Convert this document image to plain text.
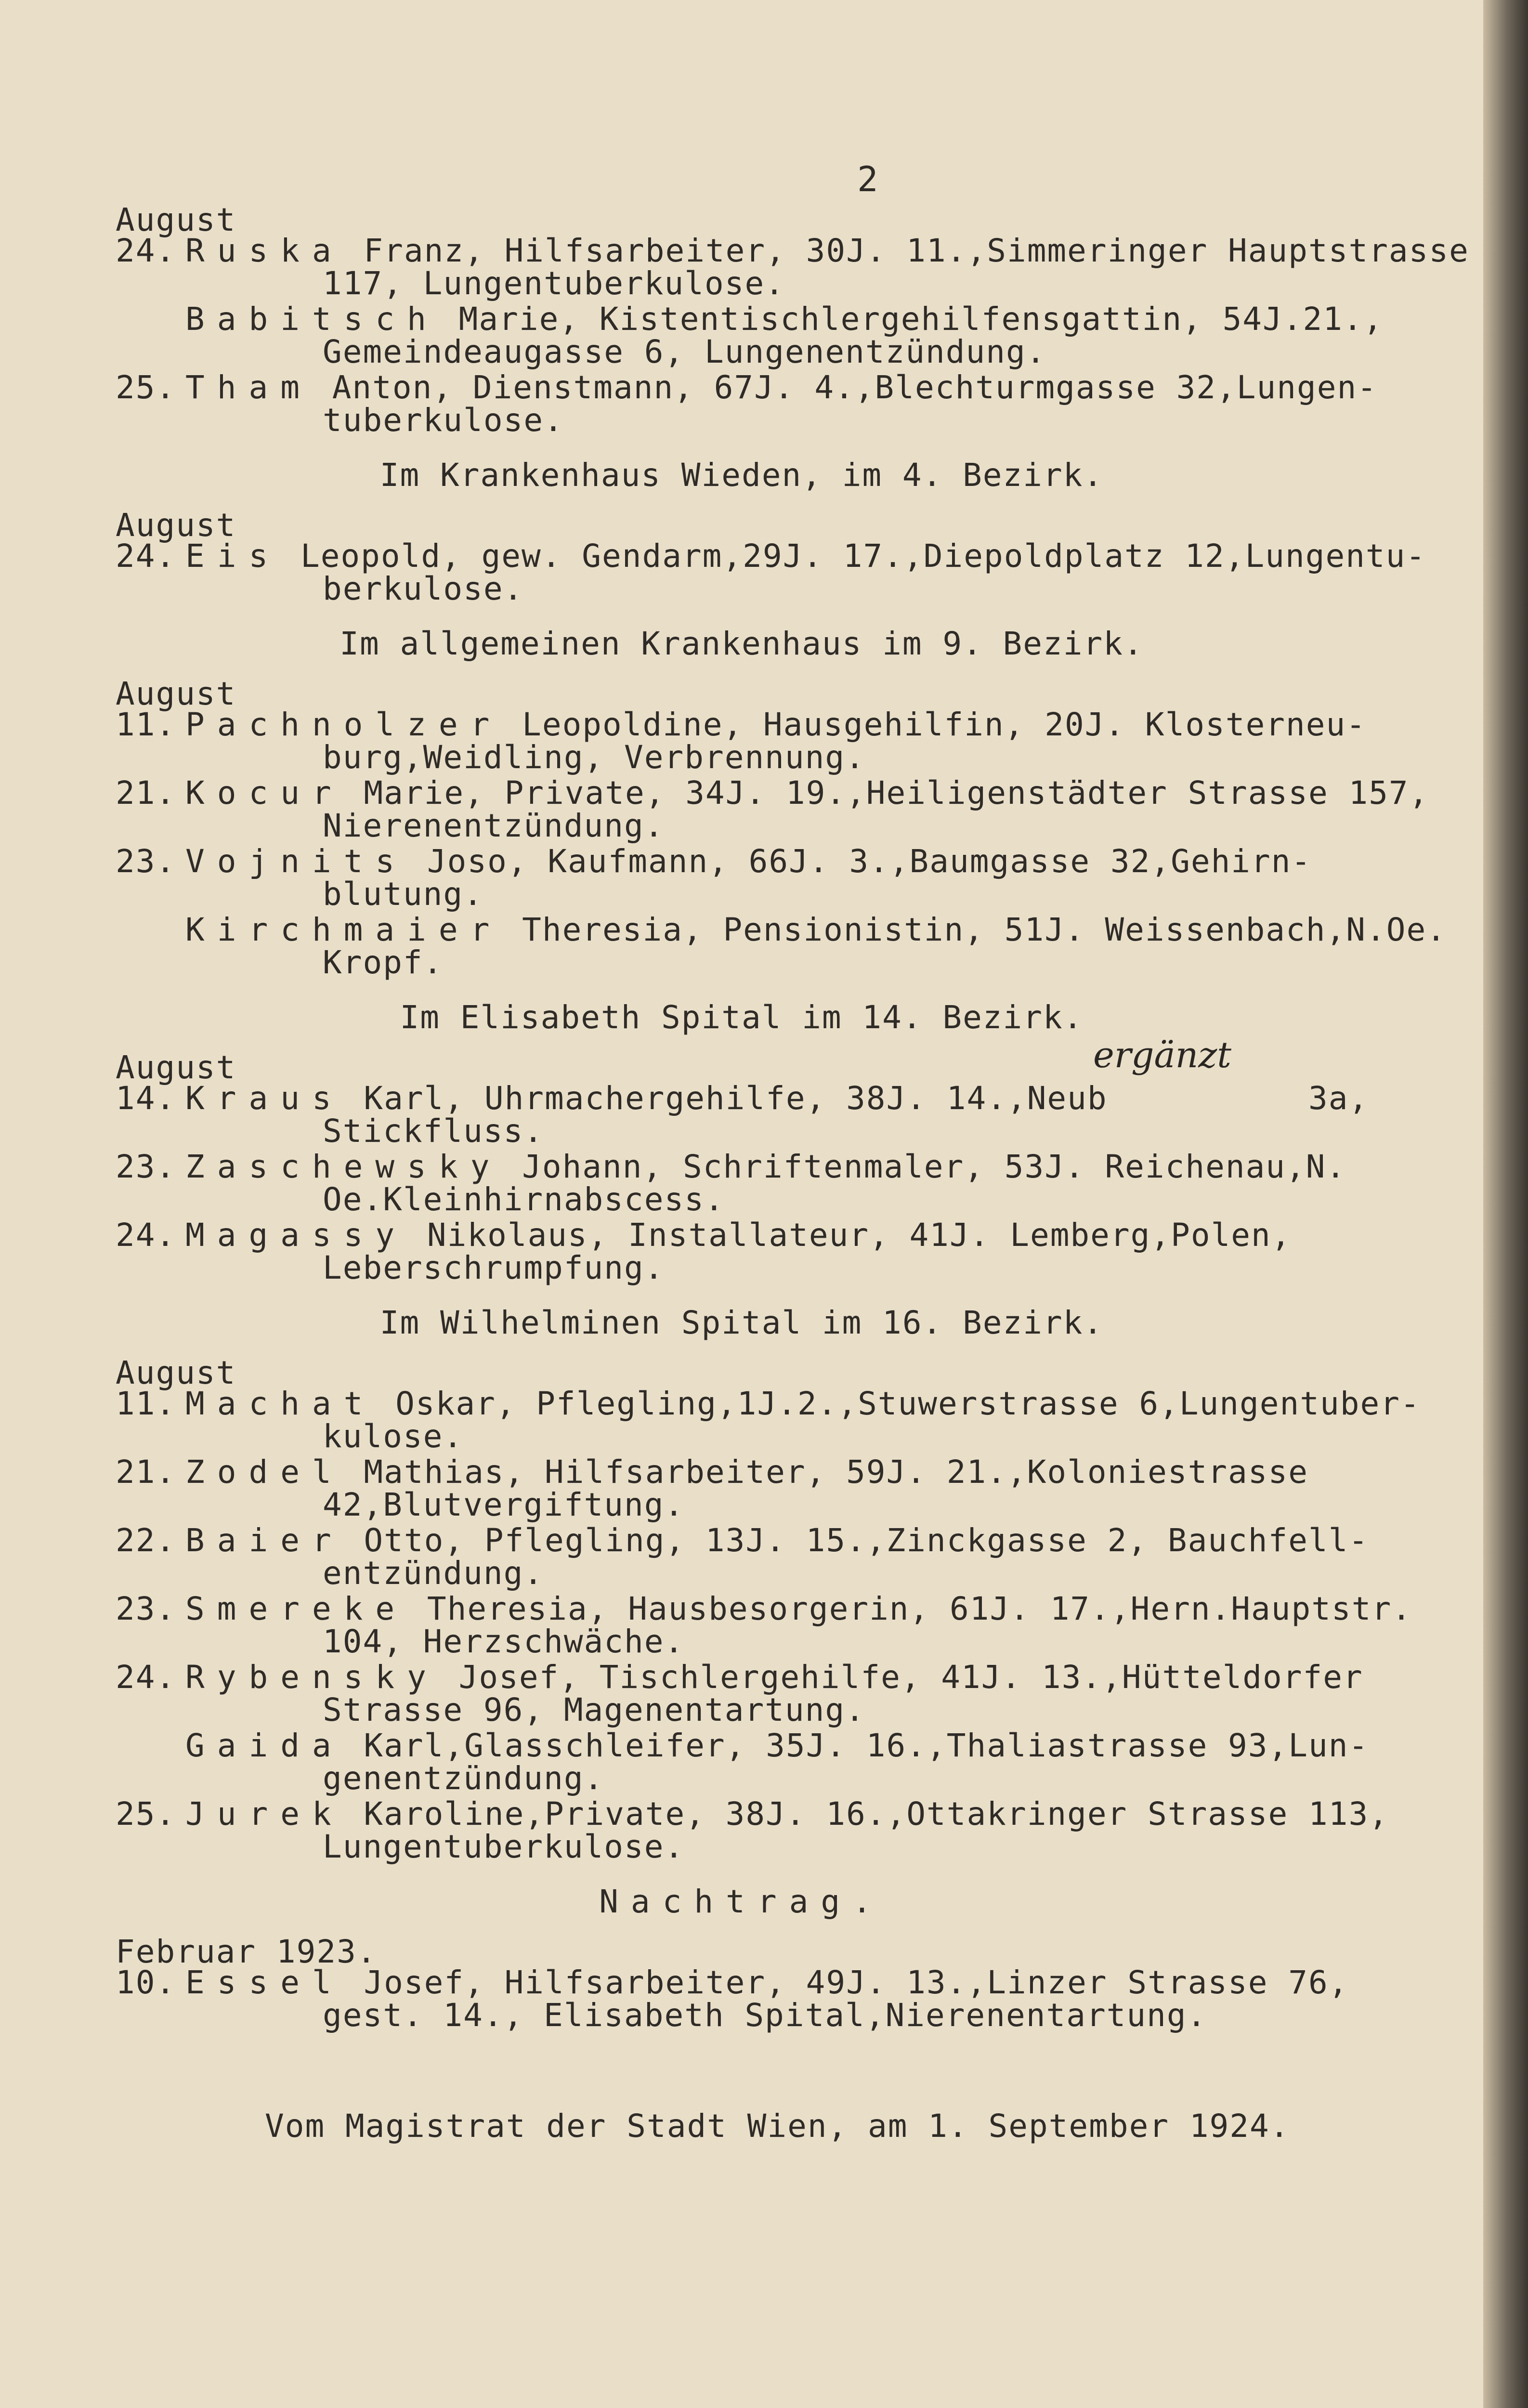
2
August
24. Ruska Franz, Hilfsarbeiter, 30J. 11.,Simmeringer Hauptstrasse
117, Lungentuberkulose.
Babitsch Marie, Kistentischlergehilfensgattin, 54J.21.,
Gemeindeaugasse 6, Lungenentzündung.
25. Tham Anton, Dienstmann, 67J. 4.,Blechturmgasse 32,Lungen-
tuberkulose.
Im Krankenhaus Wieden, im 4. Bezirk.
August
24. Eis Leopold, gew. Gendarm,29J. 17.,Diepoldplatz 12,Lungentu-
berkulose.
Im allgemeinen Krankenhaus im 9. Bezirk.
August
11. Pachnolzer Leopoldine, Hausgehilfin, 20J. Klosterneu-
burg,Weidling, Verbrennung.
21. Kocur Marie, Private, 34J. 19.,Heiligenstädter Strasse 157,
Nierenentzündung.
23. Vojnits Joso, Kaufmann, 66J. 3.,Baumgasse 32,Gehirn-
blutung.
Kirchmaier Theresia, Pensionistin, 51J. Weissenbach,N.Oe.
Kropf.
Im Elisabeth Spital im 14. Bezirk.
August
14. Kraus Karl, Uhrmachergehilfe, 38J. 14.,Neub          3a,
Stickfluss.
23. Zaschewsky Johann, Schriftenmaler, 53J. Reichenau,N.
Oe.Kleinhirnabscess.
24. Magassy Nikolaus, Installateur, 41J. Lemberg,Polen,
Leberschrumpfung.
Im Wilhelminen Spital im 16. Bezirk.
August
11. Machat Oskar, Pflegling,1J.2.,Stuwerstrasse 6,Lungentuber-
kulose.
21. Zodel Mathias, Hilfsarbeiter, 59J. 21.,Koloniestrasse
42,Blutvergiftung.
22. Baier Otto, Pflegling, 13J. 15.,Zinckgasse 2, Bauchfell-
entzündung.
23. Smereke Theresia, Hausbesorgerin, 61J. 17.,Hern.Hauptstr.
104, Herzschwäche.
24. Rybensky Josef, Tischlergehilfe, 41J. 13.,Hütteldorfer
Strasse 96, Magenentartung.
Gaida Karl,Glasschleifer, 35J. 16.,Thaliastrasse 93,Lun-
genentzündung.
25. Jurek Karoline,Private, 38J. 16.,Ottakringer Strasse 113,
Lungentuberkulose.
Nachtrag.
Februar 1923.
10. Essel Josef, Hilfsarbeiter, 49J. 13.,Linzer Strasse 76,
gest. 14., Elisabeth Spital,Nierenentartung.
Vom Magistrat der Stadt Wien, am 1. September 1924.
ergänzt
